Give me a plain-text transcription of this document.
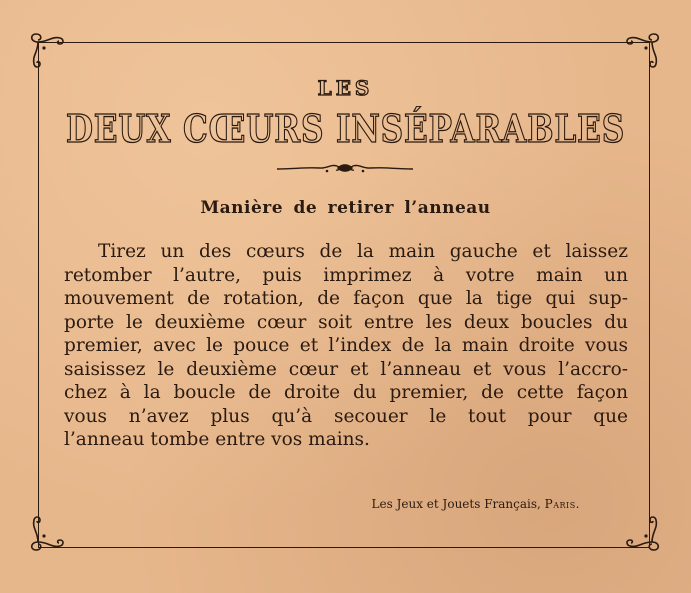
LES
DEUX CŒURS INSÉPARABLES
Manière de retirer l’anneau
Tirez un des cœurs de la main gauche et laissez
retomber l’autre, puis imprimez à votre main un
mouvement de rotation, de façon que la tige qui sup-
porte le deuxième cœur soit entre les deux boucles du
premier, avec le pouce et l’index de la main droite vous
saisissez le deuxième cœur et l’anneau et vous l’accro-
chez à la boucle de droite du premier, de cette façon
vous n’avez plus qu’à secouer le tout pour que
l’anneau tombe entre vos mains.

Les Jeux et Jouets Français, Paris.
